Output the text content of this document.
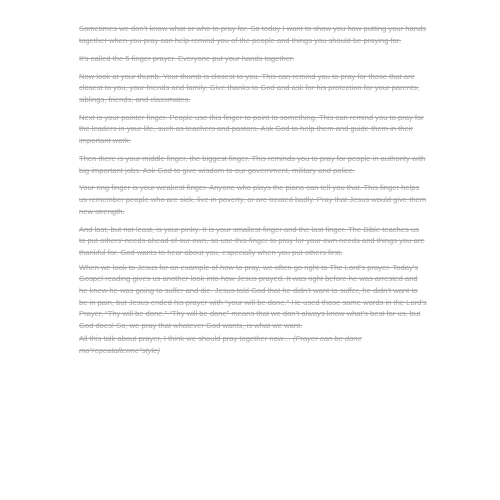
Sometimes we don’t know what or who to pray for. So today I want to show you how putting your hands together when you pray can help remind you of the people and things you should be praying for.

It’s called the 5 finger prayer. Everyone put your hands together.

Now look at your thumb. Your thumb is closest to you. This can remind you to pray for those that are closest to you, your friends and family. Give thanks to God and ask for his protection for your parents, siblings, friends, and classmates.

Next is your pointer finger. People use this finger to point to something. This can remind you to pray for the leaders in your life, such as teachers and pastors. Ask God to help them and guide them in their important work.

Then there is your middle finger, the biggest finger. This reminds you to pray for people in authority with big important jobs. Ask God to give wisdom to our government, military and police.

Your ring finger is your weakest finger. Anyone who plays the piano can tell you that. This finger helps us remember people who are sick, live in poverty, or are treated badly. Pray that Jesus would give them new strength.

And last, but not least, is your pinky. It is your smallest finger and the last finger. The Bible teaches us to put others’ needs ahead of our own, so use this finger to pray for your own needs and things you are thankful for. God wants to hear about you, especially when you put others first.

When we look to Jesus for an example of how to pray, we often go right to The Lord’s prayer. Today’s Gospel reading gives us another look into how Jesus prayed. It was right before he was arrested and he knew he was going to suffer and die. Jesus told God that he didn’t want to suffer, he didn’t want to be in pain, but Jesus ended his prayer with “your will be done.” He used those same words in the Lord’s Prayer, “Thy will be done.” “Thy will be done” means that we don’t always know what’s best for us, but God does! So, we pray that whatever God wants, is what we want.

All this talk about prayer, I think we should pray together now… (Prayer can be done mo”repeatafterme”style)
